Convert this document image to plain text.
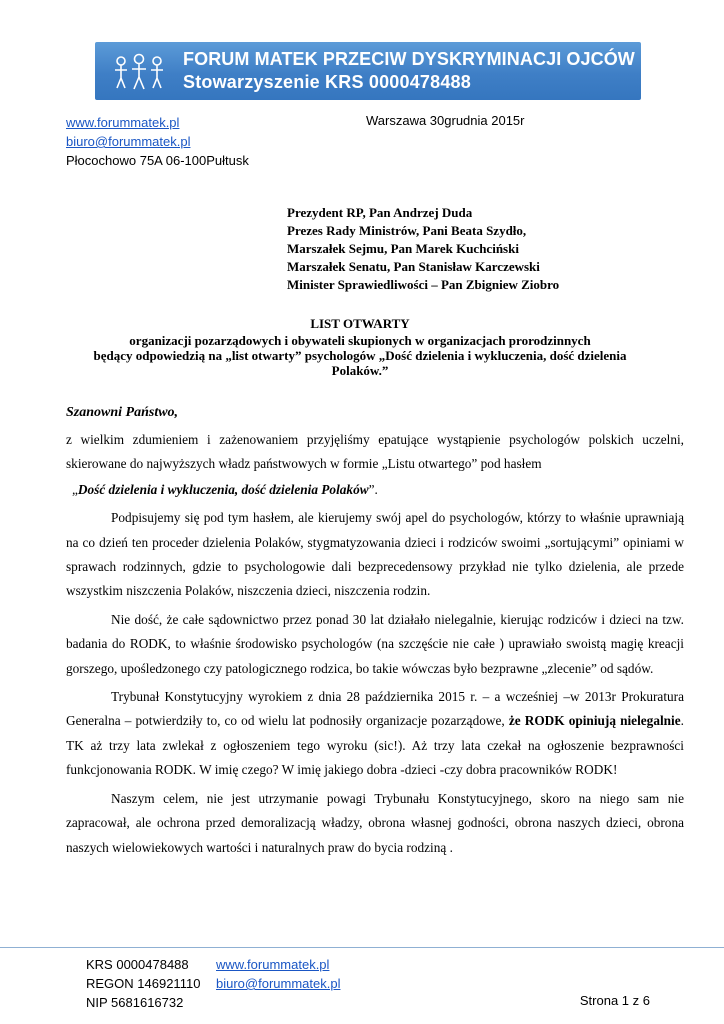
FORUM MATEK PRZECIW DYSKRYMINACJI OJCÓW
Stowarzyszenie KRS 0000478488
www.forummatek.pl
biuro@forummatek.pl
Płocochowo 75A 06-100Pułtusk
Warszawa 30grudnia 2015r
Prezydent RP, Pan Andrzej Duda
Prezes Rady Ministrów, Pani Beata Szydło,
Marszałek Sejmu, Pan Marek Kuchciński
Marszałek Senatu, Pan Stanisław Karczewski
Minister Sprawiedliwości – Pan Zbigniew Ziobro
LIST OTWARTY
organizacji pozarządowych i obywateli skupionych w organizacjach prorodzinnych
będący odpowiedzią na „list otwarty” psychologów „Dość dzielenia i wykluczenia, dość dzielenia
Polaków.”
Szanowni Państwo,

z wielkim zdumieniem i zażenowaniem przyjęliśmy epatujące wystąpienie psychologów polskich uczelni, skierowane do najwyższych władz państwowych w formie „Listu otwartego” pod hasłem
„Dość dzielenia i wykluczenia, dość dzielenia Polaków”.

Podpisujemy się pod tym hasłem, ale kierujemy swój apel do psychologów, którzy to właśnie uprawniają na co dzień ten proceder dzielenia Polaków, stygmatyzowania dzieci i rodziców swoimi „sortującymi” opiniami w sprawach rodzinnych, gdzie to psychologowie dali bezprecedensowy przykład nie tylko dzielenia, ale przede wszystkim niszczenia Polaków, niszczenia dzieci, niszczenia rodzin.

Nie dość, że całe sądownictwo przez ponad 30 lat działało nielegalnie, kierując rodziców i dzieci na tzw. badania do RODK, to właśnie środowisko psychologów (na szczęście nie całe ) uprawiało swoistą magię kreacji gorszego, upośledzonego czy patologicznego rodzica, bo takie wówczas było bezprawne „zlecenie” od sądów.

Trybunał Konstytucyjny wyrokiem z dnia 28 października 2015 r. – a wcześniej –w 2013r Prokuratura Generalna – potwierdziły to, co od wielu lat podnosiły organizacje pozarządowe, że RODK opiniują nielegalnie. TK aż trzy lata zwlekał z ogłoszeniem tego wyroku (sic!). Aż trzy lata czekał na ogłoszenie bezprawności funkcjonowania RODK. W imię czego? W imię jakiego dobra -dzieci -czy dobra pracowników RODK!

Naszym celem, nie jest utrzymanie powagi Trybunału Konstytucyjnego, skoro na niego sam nie zapracował, ale ochrona przed demoralizacją władzy, obrona własnej godności, obrona naszych dzieci, obrona naszych wielowiekowych wartości i naturalnych praw do bycia rodziną .

KRS 0000478488
REGON 146921110
NIP 5681616732
www.forummatek.pl
biuro@forummatek.pl
Strona 1 z 6
